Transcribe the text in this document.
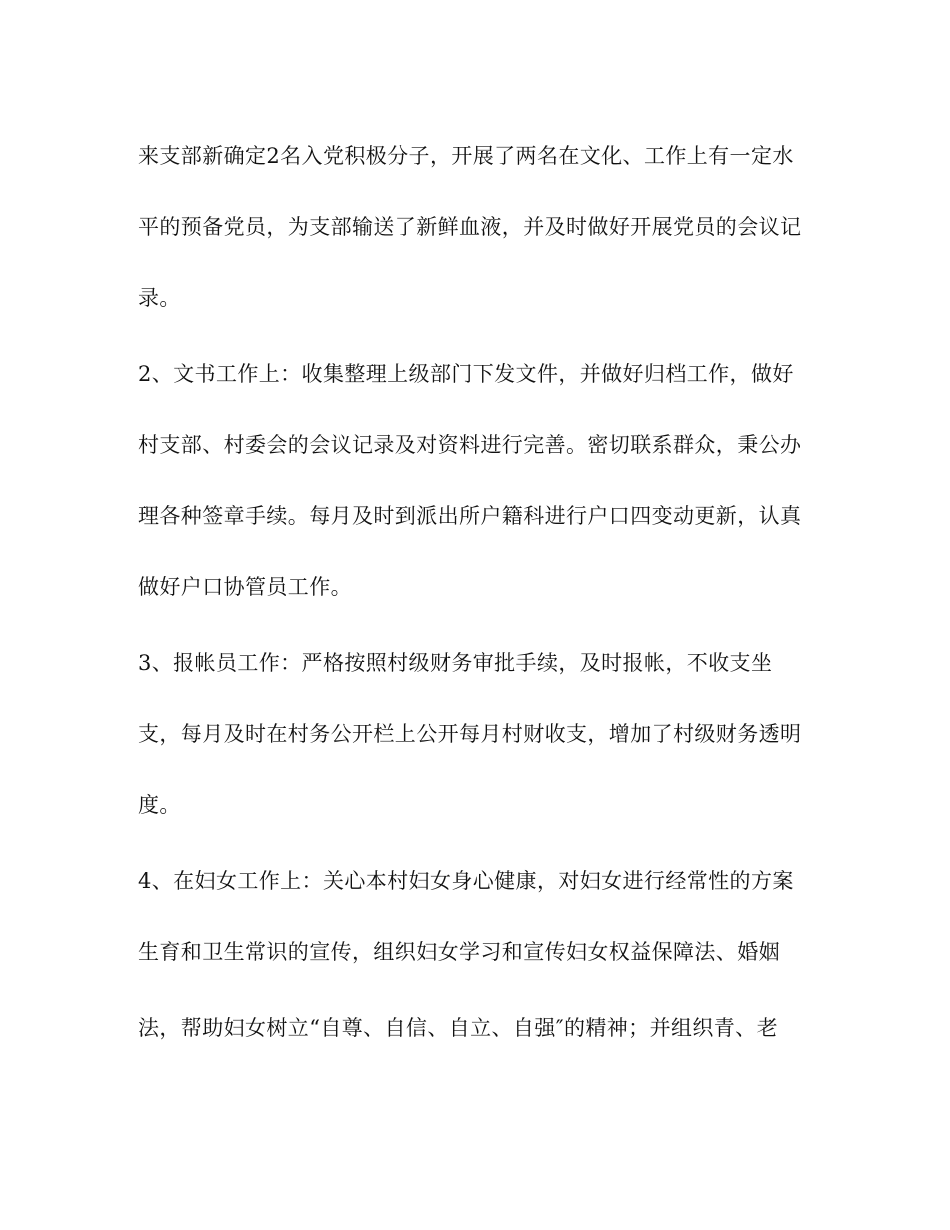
来支部新确定2名入党积极分子，开展了两名在文化、工作上有一定水
平的预备党员，为支部输送了新鲜血液，并及时做好开展党员的会议记
录。
2、文书工作上：收集整理上级部门下发文件，并做好归档工作，做好
村支部、村委会的会议记录及对资料进行完善。密切联系群众，秉公办
理各种签章手续。每月及时到派出所户籍科进行户口四变动更新，认真
做好户口协管员工作。
3、报帐员工作：严格按照村级财务审批手续，及时报帐，不收支坐
支，每月及时在村务公开栏上公开每月村财收支，增加了村级财务透明
度。
4、在妇女工作上：关心本村妇女身心健康，对妇女进行经常性的方案
生育和卫生常识的宣传，组织妇女学习和宣传妇女权益保障法、婚姻
法，帮助妇女树立“自尊、自信、自立、自强″的精神；并组织青、老
